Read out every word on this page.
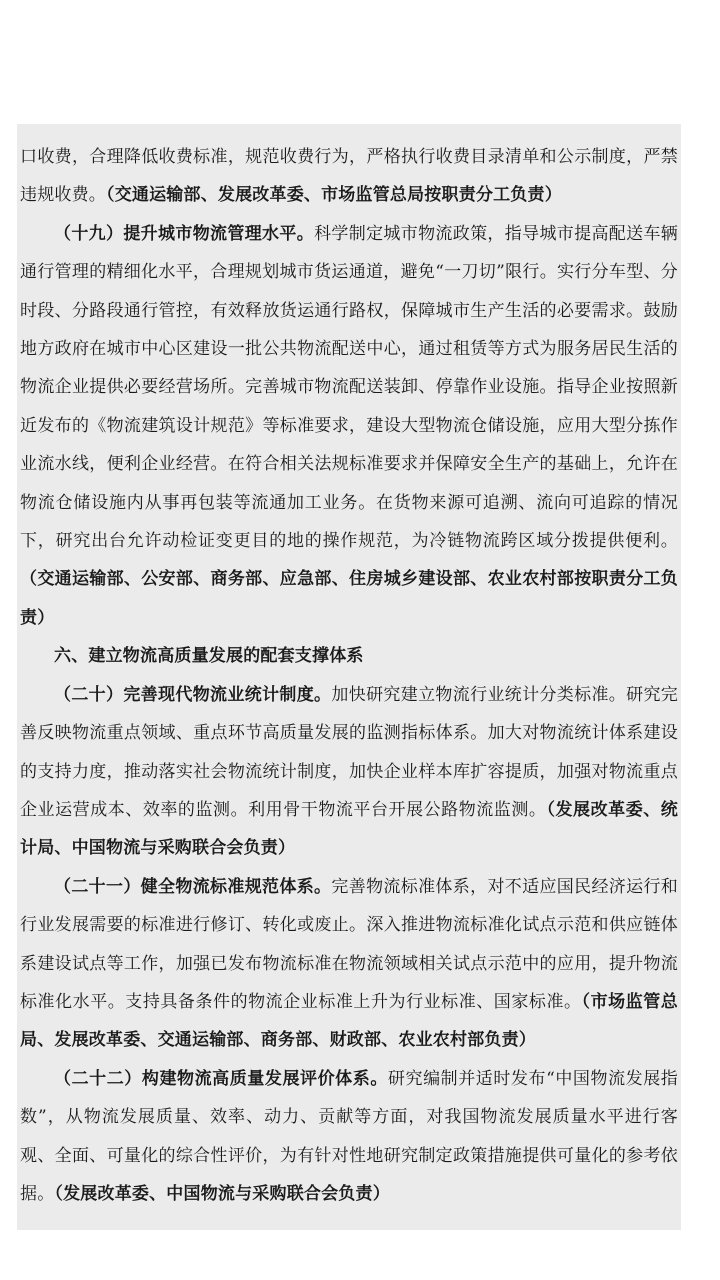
口收费，合理降低收费标准，规范收费行为，严格执行收费目录清单和公示制度，严禁违规收费。（交通运输部、发展改革委、市场监管总局按职责分工负责）

（十九）提升城市物流管理水平。科学制定城市物流政策，指导城市提高配送车辆通行管理的精细化水平，合理规划城市货运通道，避免“一刀切”限行。实行分车型、分时段、分路段通行管控，有效释放货运通行路权，保障城市生产生活的必要需求。鼓励地方政府在城市中心区建设一批公共物流配送中心，通过租赁等方式为服务居民生活的物流企业提供必要经营场所。完善城市物流配送装卸、停靠作业设施。指导企业按照新近发布的《物流建筑设计规范》等标准要求，建设大型物流仓储设施，应用大型分拣作业流水线，便利企业经营。在符合相关法规标准要求并保障安全生产的基础上，允许在物流仓储设施内从事再包装等流通加工业务。在货物来源可追溯、流向可追踪的情况下，研究出台允许动检证变更目的地的操作规范，为冷链物流跨区域分拨提供便利。（交通运输部、公安部、商务部、应急部、住房城乡建设部、农业农村部按职责分工负责）

六、建立物流高质量发展的配套支撑体系

（二十）完善现代物流业统计制度。加快研究建立物流行业统计分类标准。研究完善反映物流重点领域、重点环节高质量发展的监测指标体系。加大对物流统计体系建设的支持力度，推动落实社会物流统计制度，加快企业样本库扩容提质，加强对物流重点企业运营成本、效率的监测。利用骨干物流平台开展公路物流监测。（发展改革委、统计局、中国物流与采购联合会负责）

（二十一）健全物流标准规范体系。完善物流标准体系，对不适应国民经济运行和行业发展需要的标准进行修订、转化或废止。深入推进物流标准化试点示范和供应链体系建设试点等工作，加强已发布物流标准在物流领域相关试点示范中的应用，提升物流标准化水平。支持具备条件的物流企业标准上升为行业标准、国家标准。（市场监管总局、发展改革委、交通运输部、商务部、财政部、农业农村部负责）

（二十二）构建物流高质量发展评价体系。研究编制并适时发布“中国物流发展指数”，从物流发展质量、效率、动力、贡献等方面，对我国物流发展质量水平进行客观、全面、可量化的综合性评价，为有针对性地研究制定政策措施提供可量化的参考依据。（发展改革委、中国物流与采购联合会负责）
